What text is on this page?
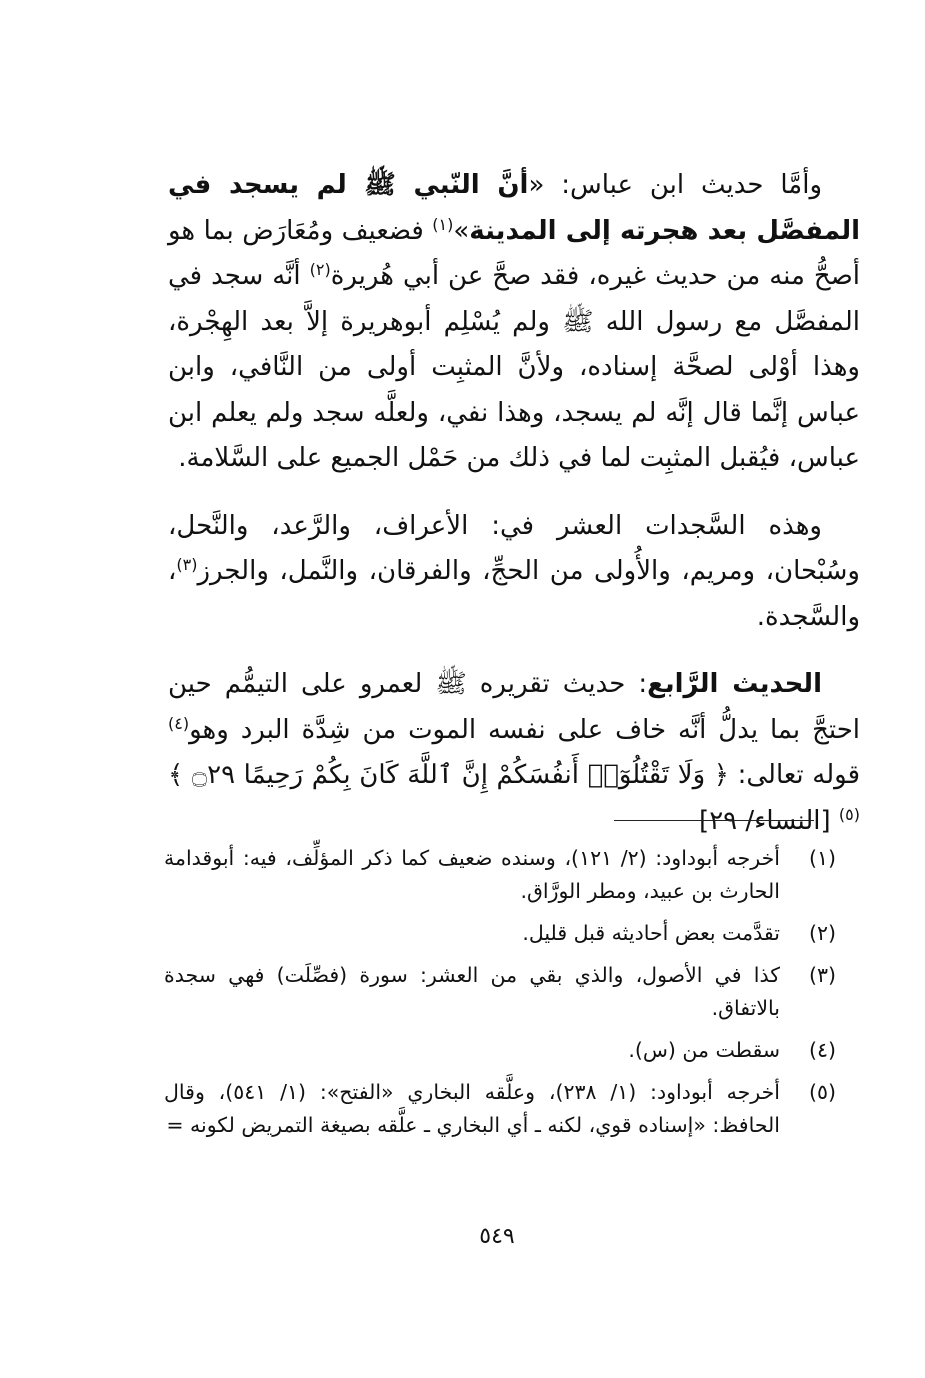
وأمَّا حديث ابن عباس: «أنَّ النّبي ﷺ لم يسجد في المفصَّل بعد هجرته إلى المدينة»$^{(١)}$ فضعيف ومُعَارَض بما هو أصحُّ منه من حديث غيره، فقد صحَّ عن أبي هُريرة$^{(٢)}$ أنَّه سجد في المفصَّل مع رسول الله ﷺ ولم يُسْلِم أبوهريرة إلاَّ بعد الهِجْرة، وهذا أوْلى لصحَّة إسناده، ولأنَّ المثبِت أولى من النَّافي، وابن عباس إنَّما قال إنَّه لم يسجد، وهذا نفي، ولعلَّه سجد ولم يعلم ابن عباس، فيُقبل المثبِت لما في ذلك من حَمْل الجميع على السَّلامة.

وهذه السَّجدات العشر في: الأعراف، والرَّعد، والنَّحل، وسُبْحان، ومريم، والأُولى من الحجِّ، والفرقان، والنَّمل، والجرز$^{(٣)}$، والسَّجدة.

الحديث الرَّابع: حديث تقريره ﷺ لعمرو على التيمُّم حين احتجَّ بما يدلُّ أنَّه خاف على نفسه الموت من شِدَّة البرد وهو$^{(٤)}$ قوله تعالى: ﴿ وَلَا تَقْتُلُوٓا۟ أَنفُسَكُمْ إِنَّ ٱللَّهَ كَانَ بِكُمْ رَحِيمًا ۝٢٩ ﴾$^{(٥)}$ [النساء/ ٢٩]

(١)
أخرجه أبوداود: (٢/ ١٢١)، وسنده ضعيف كما ذكر المؤلِّف، فيه: أبوقدامة الحارث بن عبيد، ومطر الورَّاق.
(٢)
تقدَّمت بعض أحاديثه قبل قليل.
(٣)
كذا في الأصول، والذي بقي من العشر: سورة (فصِّلَت) فهي سجدة بالاتفاق.
(٤)
سقطت من (س).
(٥)
أخرجه أبوداود: (١/ ٢٣٨)، وعلَّقه البخاري «الفتح»: (١/ ٥٤١)، وقال الحافظ: «إسناده قوي، لكنه ـ أي البخاري ـ علَّقه بصيغة التمريض لكونه =
٥٤٩
